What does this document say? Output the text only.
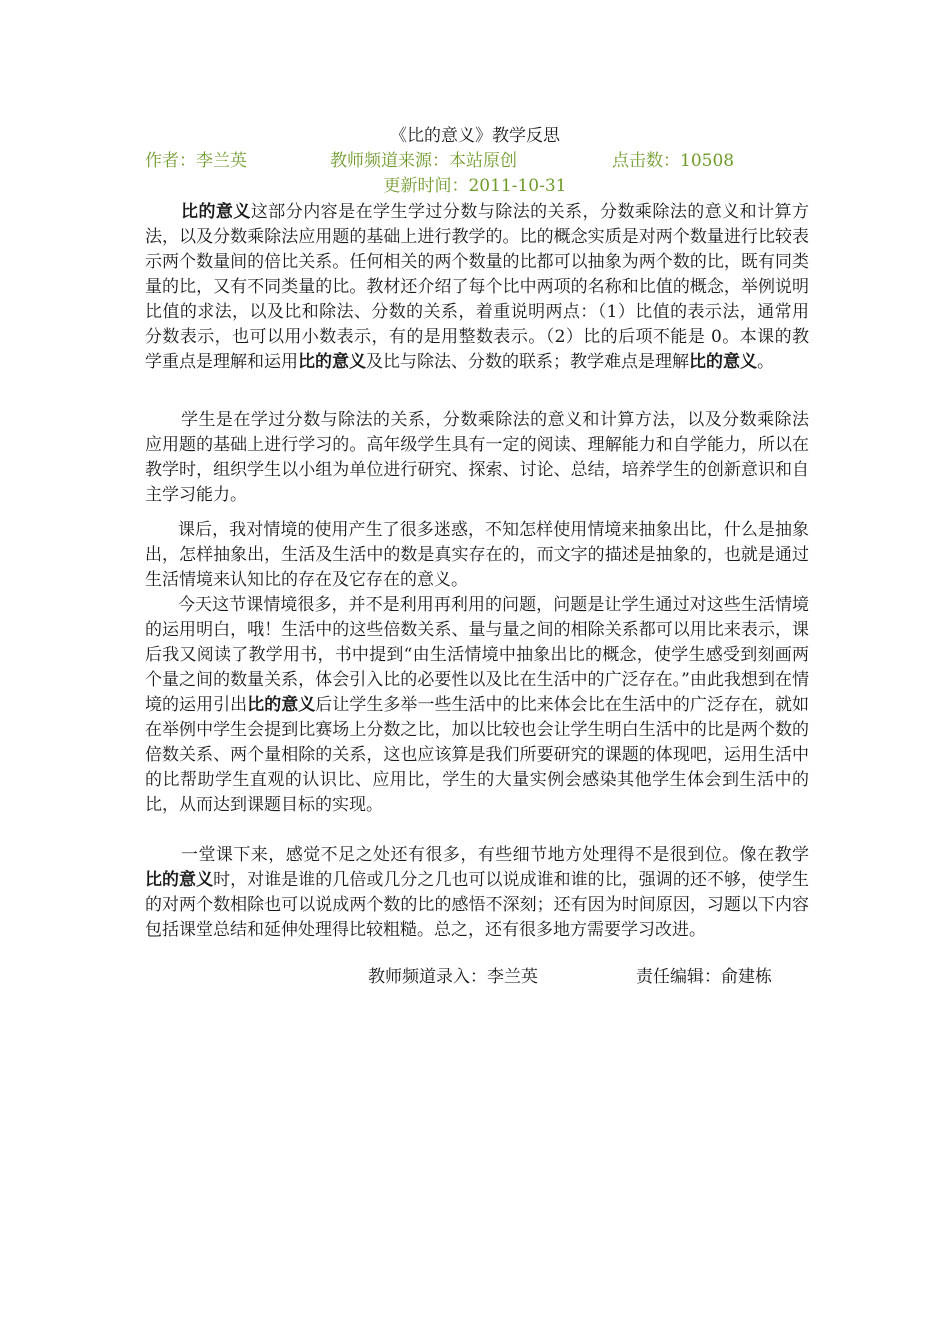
《比的意义》教学反思
作者：李兰英	教师频道来源：本站原创	点击数：10508
更新时间：2011-10-31

比的意义这部分内容是在学生学过分数与除法的关系，分数乘除法的意义和计算方法，以及分数乘除法应用题的基础上进行教学的。比的概念实质是对两个数量进行比较表示两个数量间的倍比关系。任何相关的两个数量的比都可以抽象为两个数的比，既有同类量的比，又有不同类量的比。教材还介绍了每个比中两项的名称和比值的概念，举例说明比值的求法，以及比和除法、分数的关系，着重说明两点：（1）比值的表示法，通常用分数表示，也可以用小数表示，有的是用整数表示。（2）比的后项不能是 0。本课的教学重点是理解和运用比的意义及比与除法、分数的联系；教学难点是理解比的意义。

学生是在学过分数与除法的关系，分数乘除法的意义和计算方法，以及分数乘除法应用题的基础上进行学习的。高年级学生具有一定的阅读、理解能力和自学能力，所以在教学时，组织学生以小组为单位进行研究、探索、讨论、总结，培养学生的创新意识和自主学习能力。

课后，我对情境的使用产生了很多迷惑，不知怎样使用情境来抽象出比，什么是抽象出，怎样抽象出，生活及生活中的数是真实存在的，而文字的描述是抽象的，也就是通过生活情境来认知比的存在及它存在的意义。

今天这节课情境很多，并不是利用再利用的问题，问题是让学生通过对这些生活情境的运用明白，哦！生活中的这些倍数关系、量与量之间的相除关系都可以用比来表示，课后我又阅读了教学用书，书中提到“由生活情境中抽象出比的概念，使学生感受到刻画两个量之间的数量关系，体会引入比的必要性以及比在生活中的广泛存在。”由此我想到在情境的运用引出比的意义后让学生多举一些生活中的比来体会比在生活中的广泛存在，就如在举例中学生会提到比赛场上分数之比，加以比较也会让学生明白生活中的比是两个数的倍数关系、两个量相除的关系，这也应该算是我们所要研究的课题的体现吧，运用生活中的比帮助学生直观的认识比、应用比，学生的大量实例会感染其他学生体会到生活中的比，从而达到课题目标的实现。

一堂课下来，感觉不足之处还有很多，有些细节地方处理得不是很到位。像在教学比的意义时，对谁是谁的几倍或几分之几也可以说成谁和谁的比，强调的还不够，使学生的对两个数相除也可以说成两个数的比的感悟不深刻；还有因为时间原因，习题以下内容包括课堂总结和延伸处理得比较粗糙。总之，还有很多地方需要学习改进。

教师频道录入：李兰英	责任编辑：俞建栋
